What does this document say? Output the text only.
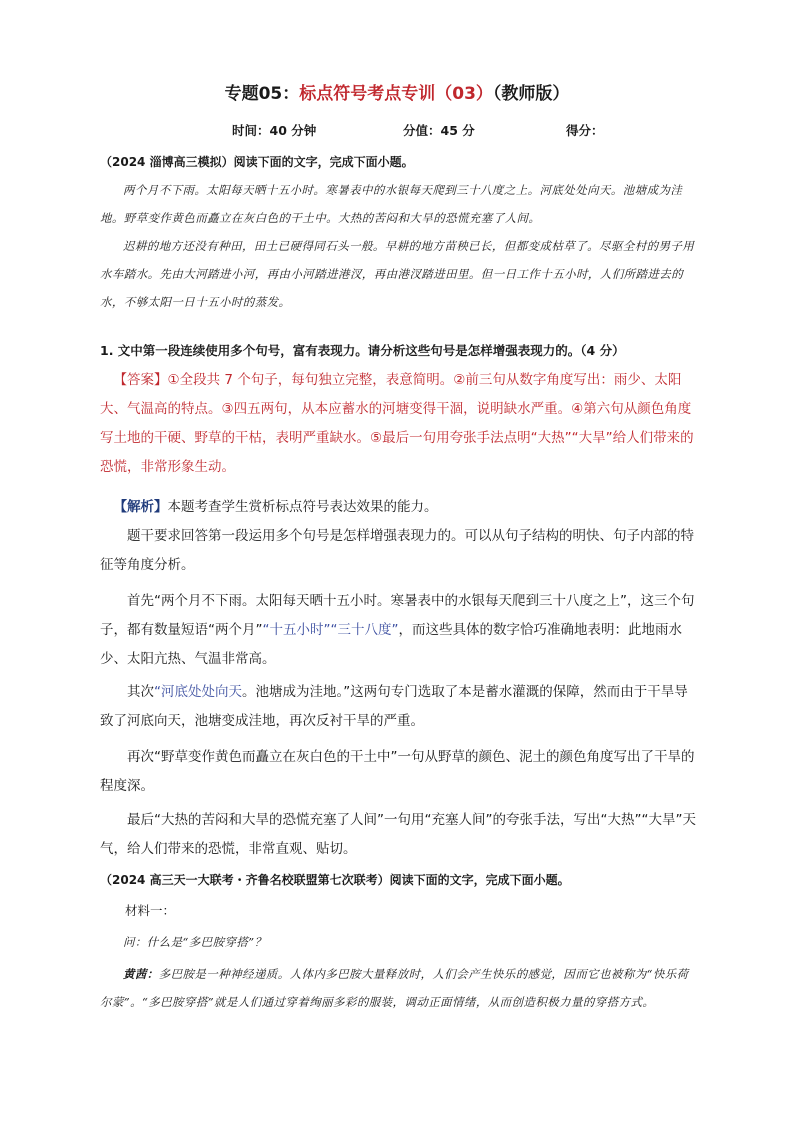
专题05：标点符号考点专训（03）（教师版）
时间：40 分钟	分值：45 分	得分：

（2024 淄博高三模拟）阅读下面的文字，完成下面小题。

两个月不下雨。太阳每天晒十五小时。寒暑表中的水银每天爬到三十八度之上。河底处处向天。池塘成为洼地。野草变作黄色而矗立在灰白色的干土中。大热的苦闷和大旱的恐慌充塞了人间。

迟耕的地方还没有种田，田土已硬得同石头一般。早耕的地方苗秧已长，但都变成枯草了。尽驱全村的男子用水车踏水。先由大河踏进小河，再由小河踏进港汊，再由港汊踏进田里。但一日工作十五小时，人们所踏进去的水，不够太阳一日十五小时的蒸发。

1. 文中第一段连续使用多个句号，富有表现力。请分析这些句号是怎样增强表现力的。（4 分）

【答案】①全段共 7 个句子，每句独立完整，表意简明。②前三句从数字角度写出：雨少、太阳大、气温高的特点。③四五两句，从本应蓄水的河塘变得干涸，说明缺水严重。④第六句从颜色角度写土地的干硬、野草的干枯，表明严重缺水。⑤最后一句用夸张手法点明“大热”“大旱”给人们带来的恐慌，非常形象生动。

【解析】本题考查学生赏析标点符号表达效果的能力。

题干要求回答第一段运用多个句号是怎样增强表现力的。可以从句子结构的明快、句子内部的特征等角度分析。

首先“两个月不下雨。太阳每天晒十五小时。寒暑表中的水银每天爬到三十八度之上”，这三个句子，都有数量短语“两个月”“十五小时”“三十八度”，而这些具体的数字恰巧准确地表明：此地雨水少、太阳亢热、气温非常高。

其次“河底处处向天。池塘成为洼地。”这两句专门选取了本是蓄水灌溉的保障，然而由于干旱导致了河底向天，池塘变成洼地，再次反衬干旱的严重。

再次“野草变作黄色而矗立在灰白色的干土中”一句从野草的颜色、泥土的颜色角度写出了干旱的程度深。

最后“大热的苦闷和大旱的恐慌充塞了人间”一句用“充塞人间”的夸张手法，写出“大热”“大旱”天气，给人们带来的恐慌，非常直观、贴切。

（2024 高三天一大联考・齐鲁名校联盟第七次联考）阅读下面的文字，完成下面小题。

材料一：

问：什么是“多巴胺穿搭”？

黄茜：多巴胺是一种神经递质。人体内多巴胺大量释放时，人们会产生快乐的感觉，因而它也被称为“快乐荷尔蒙”。“多巴胺穿搭”就是人们通过穿着绚丽多彩的服装，调动正面情绪，从而创造积极力量的穿搭方式。
